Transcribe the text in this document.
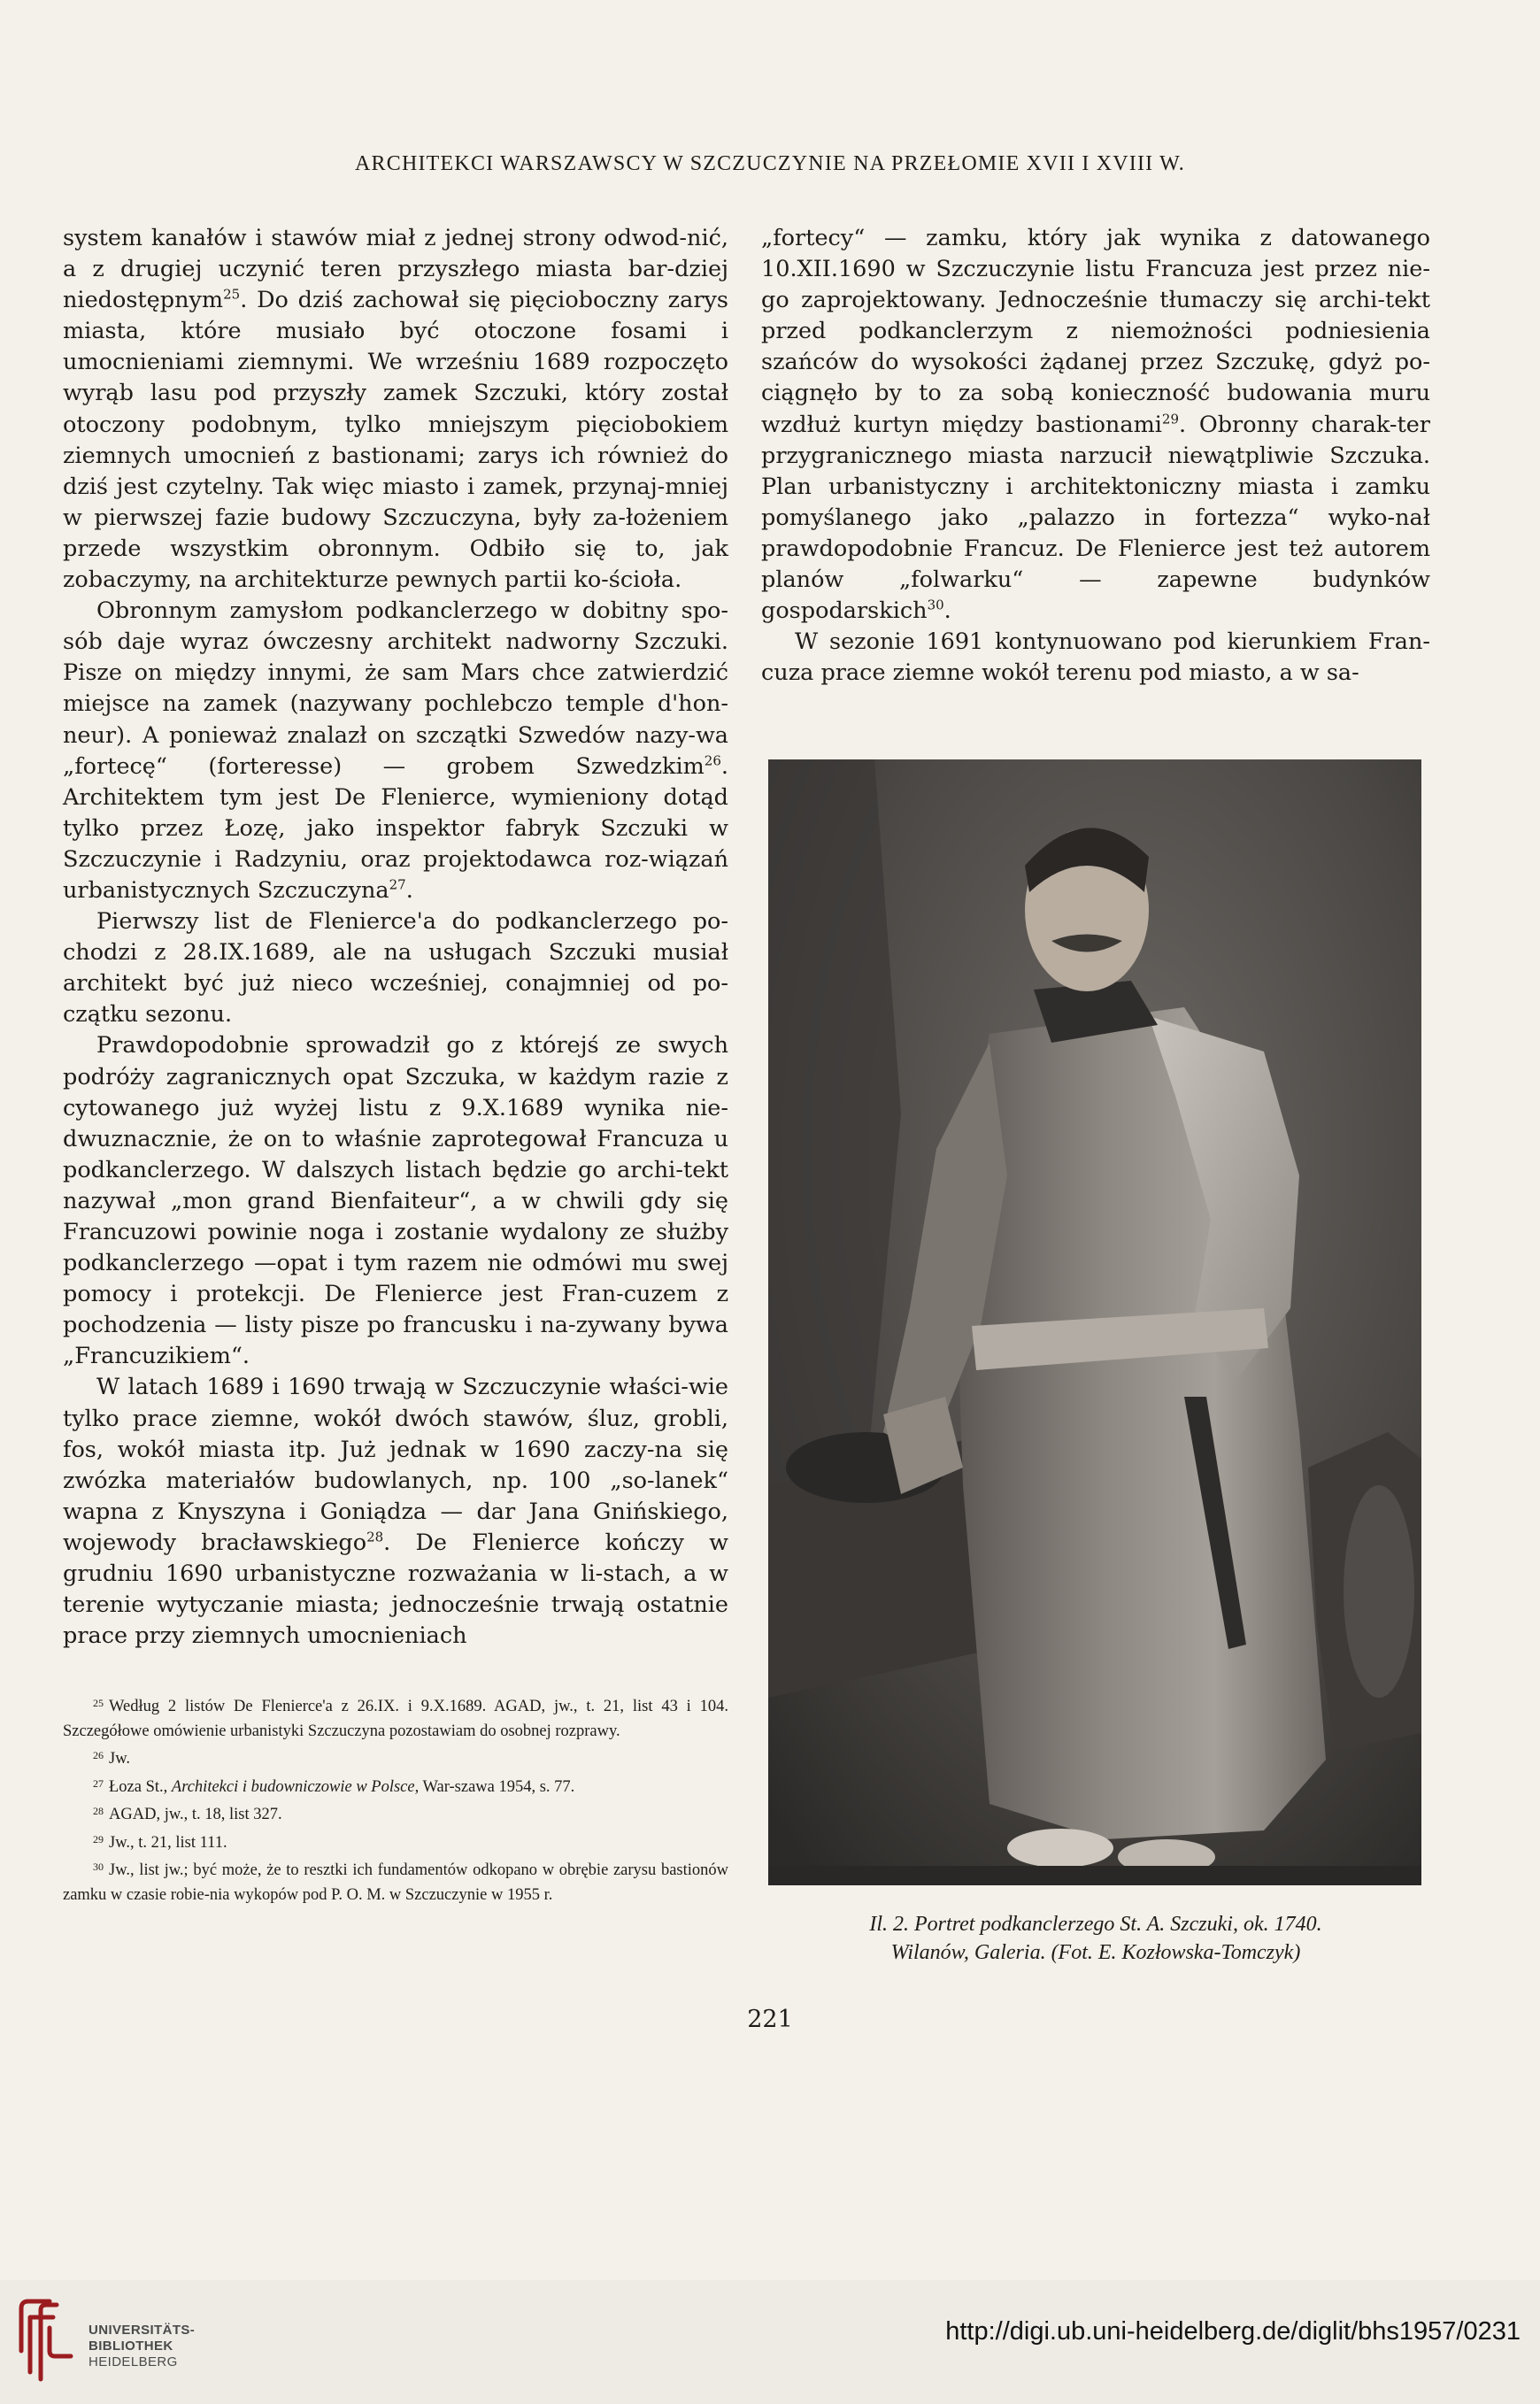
ARCHITEKCI WARSZAWSCY W SZCZUCZYNIE NA PRZEŁOMIE XVII I XVIII W.

system kanałów i stawów miał z jednej strony odwod-nić, a z drugiej uczynić teren przyszłego miasta bar-dziej niedostępnym$^{25}$. Do dziś zachował się pięcioboczny zarys miasta, które musiało być otoczone fosami i umocnieniami ziemnymi. We wrześniu 1689 rozpoczęto wyrąb lasu pod przyszły zamek Szczuki, który został otoczony podobnym, tylko mniejszym pięciobokiem ziemnych umocnień z bastionami; zarys ich również do dziś jest czytelny. Tak więc miasto i zamek, przynaj-mniej w pierwszej fazie budowy Szczuczyna, były za-łożeniem przede wszystkim obronnym. Odbiło się to, jak zobaczymy, na architekturze pewnych partii ko-ścioła.

Obronnym zamysłom podkanclerzego w dobitny spo-sób daje wyraz ówczesny architekt nadworny Szczuki. Pisze on między innymi, że sam Mars chce zatwierdzić miejsce na zamek (nazywany pochlebczo temple d'hon-neur). A ponieważ znalazł on szczątki Szwedów nazy-wa „fortecę“ (forteresse) — grobem Szwedzkim$^{26}$. Architektem tym jest De Flenierce, wymieniony dotąd tylko przez Łozę, jako inspektor fabryk Szczuki w Szczuczynie i Radzyniu, oraz projektodawca roz-wiązań urbanistycznych Szczuczyna$^{27}$.

Pierwszy list de Flenierce'a do podkanclerzego po-chodzi z 28.IX.1689, ale na usługach Szczuki musiał architekt być już nieco wcześniej, conajmniej od po-czątku sezonu.

Prawdopodobnie sprowadził go z którejś ze swych podróży zagranicznych opat Szczuka, w każdym razie z cytowanego już wyżej listu z 9.X.1689 wynika nie-dwuznacznie, że on to właśnie zaprotegował Francuza u podkanclerzego. W dalszych listach będzie go archi-tekt nazywał „mon grand Bienfaiteur“, a w chwili gdy się Francuzowi powinie noga i zostanie wydalony ze służby podkanclerzego —opat i tym razem nie odmówi mu swej pomocy i protekcji. De Flenierce jest Fran-cuzem z pochodzenia — listy pisze po francusku i na-zywany bywa „Francuzikiem“.

W latach 1689 i 1690 trwają w Szczuczynie właści-wie tylko prace ziemne, wokół dwóch stawów, śluz, grobli, fos, wokół miasta itp. Już jednak w 1690 zaczy-na się zwózka materiałów budowlanych, np. 100 „so-lanek“ wapna z Knyszyna i Goniądza — dar Jana Gnińskiego, wojewody bracławskiego$^{28}$. De Flenierce kończy w grudniu 1690 urbanistyczne rozważania w li-stach, a w terenie wytyczanie miasta; jednocześnie trwają ostatnie prace przy ziemnych umocnieniach

„fortecy“ — zamku, który jak wynika z datowanego 10.XII.1690 w Szczuczynie listu Francuza jest przez nie-go zaprojektowany. Jednocześnie tłumaczy się archi-tekt przed podkanclerzym z niemożności podniesienia szańców do wysokości żądanej przez Szczukę, gdyż po-ciągnęło by to za sobą konieczność budowania muru wzdłuż kurtyn między bastionami$^{29}$. Obronny charak-ter przygranicznego miasta narzucił niewątpliwie Szczuka. Plan urbanistyczny i architektoniczny miasta i zamku pomyślanego jako „palazzo in fortezza“ wyko-nał prawdopodobnie Francuz. De Flenierce jest też autorem planów „folwarku“ — zapewne budynków gospodarskich$^{30}$.

W sezonie 1691 kontynuowano pod kierunkiem Fran-cuza prace ziemne wokół terenu pod miasto, a w sa-

$^{25}$ Według 2 listów De Flenierce'a z 26.IX. i 9.X.1689. AGAD, jw., t. 21, list 43 i 104. Szczegółowe omówienie urbanistyki Szczuczyna pozostawiam do osobnej rozprawy.

$^{26}$ Jw.

$^{27}$ Łoza St., Architekci i budowniczowie w Polsce, War-szawa 1954, s. 77.

$^{28}$ AGAD, jw., t. 18, list 327.

$^{29}$ Jw., t. 21, list 111.

$^{30}$ Jw., list jw.; być może, że to resztki ich fundamentów odkopano w obrębie zarysu bastionów zamku w czasie robie-nia wykopów pod P. O. M. w Szczuczynie w 1955 r.

Il. 2. Portret podkanclerzego St. A. Szczuki, ok. 1740.
Wilanów, Galeria. (Fot. E. Kozłowska-Tomczyk)
221
UNIVERSITÄTS-
BIBLIOTHEK
HEIDELBERG
http://digi.ub.uni-heidelberg.de/diglit/bhs1957/0231
